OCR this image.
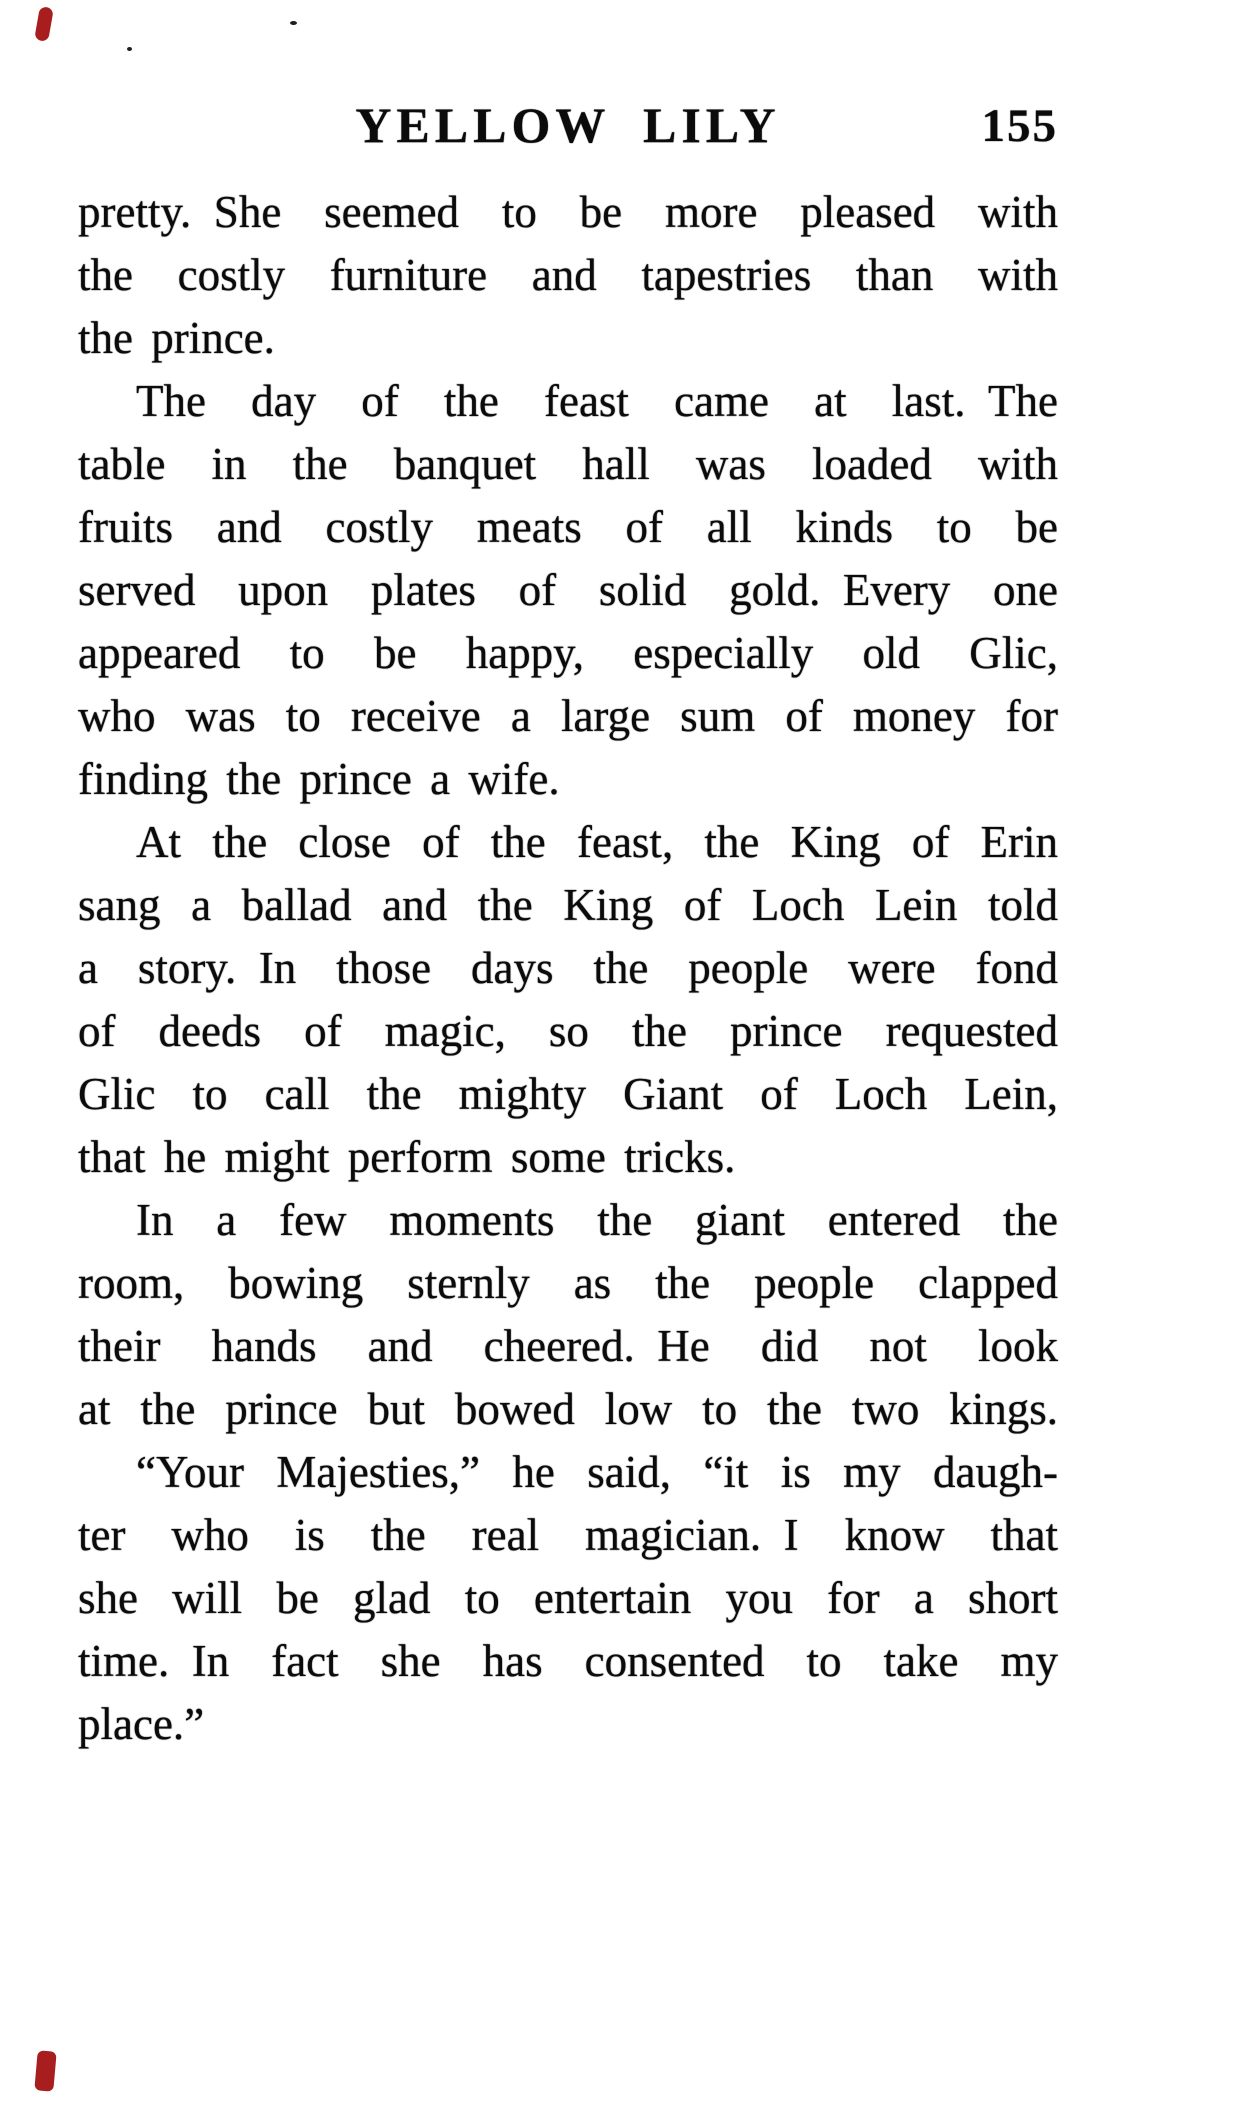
YELLOW LILY	155
pretty. She seemed to be more pleased with
the costly furniture and tapestries than with
the prince.
The day of the feast came at last. The
table in the banquet hall was loaded with
fruits and costly meats of all kinds to be
served upon plates of solid gold. Every one
appeared to be happy, especially old Glic,
who was to receive a large sum of money for
finding the prince a wife.
At the close of the feast, the King of Erin
sang a ballad and the King of Loch Lein told
a story. In those days the people were fond
of deeds of magic, so the prince requested
Glic to call the mighty Giant of Loch Lein,
that he might perform some tricks.
In a few moments the giant entered the
room, bowing sternly as the people clapped
their hands and cheered. He did not look
at the prince but bowed low to the two kings.
“Your Majesties,” he said, “it is my daugh-
ter who is the real magician. I know that
she will be glad to entertain you for a short
time. In fact she has consented to take my
place.”
